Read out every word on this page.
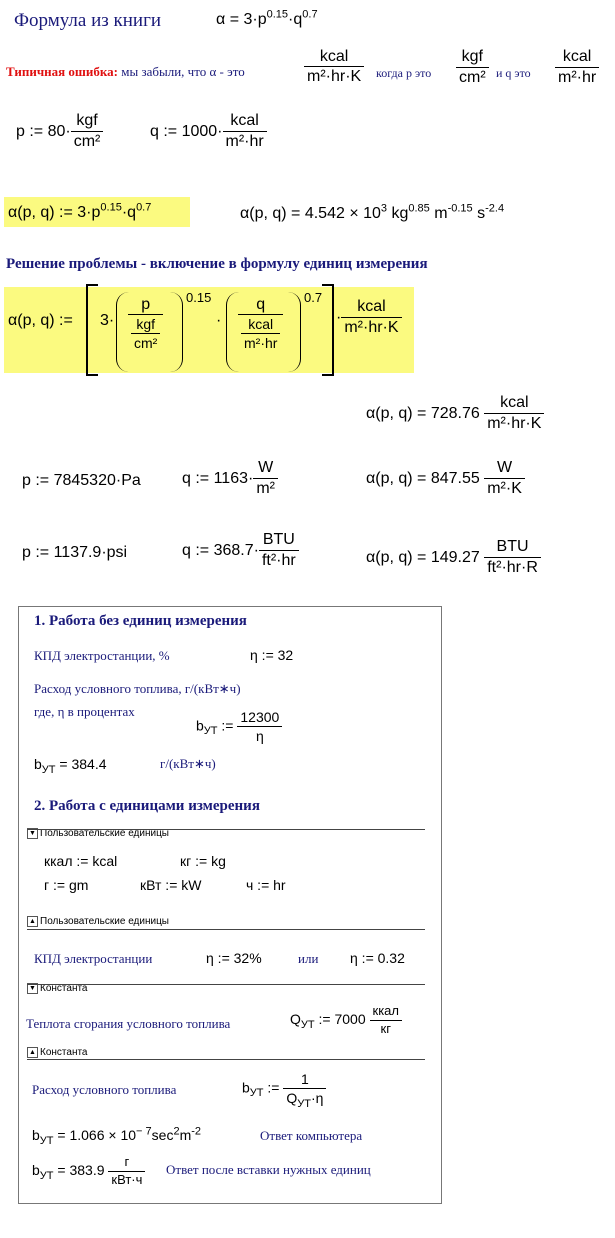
Формула из книги	$\alpha = 3\cdot p^{0.15}\cdot q^{0.7}$
Типичная ошибка: мы забыли, что α - это	$\frac{\text{kcal}}{\text{m²·hr·K}}$ когда p это $\frac{\text{kgf}}{\text{cm²}}$ и q это $\frac{\text{kcal}}{\text{m²·hr}}$
p := $80\cdot \frac{\text{kgf}}{\text{cm²}}$	q := $1000\cdot \frac{\text{kcal}}{\text{m²·hr}}$
α(p, q) := $3\cdot p^{0.15}\cdot q^{0.7}$	α(p, $q) = 4.542 \times 10^3$ $kg^{0.85}$ $m^{-0.15}$ $s^{-2.4}$
Решение проблемы - включение в формулу единиц измерения
α(p, q) := $3\cdot \frac{p}{\frac{\text{kgf}}{\text{cm²}}} 0.15$
· $\frac{q}{\frac{\text{kcal}}{\text{m²·hr}}} 0.7$
· $\frac{\text{kcal}}{\text{m²·hr·K}}$
α(p, $q) = 728.76 \frac{\text{kcal}}{\text{m²·hr·K}}$
p := 7845320·Pa	q := $1163\cdot \frac{W}{\text{m²}}$	α(p, $q) = 847.55 \frac{W}{\text{m²·K}}$
p := 1137.9·psi	q := $368.7\cdot \frac{\text{BTU}}{\text{ft²·hr}}$	α(p, $q) = 149.27 \frac{\text{BTU}}{\text{ft²·hr·R}}$
1. Работа без единиц измерения
КПД электростанции, %	η := 32
Расход условного топлива, г/(кВт∗ч)
где, η в процентах
$b_{УТ}$ := $\frac{12300}{\eta}$
$b_{УТ} = 384.4$	г/(кВт∗ч)
2. Работа с единицами измерения
▼ Пользовательские единицы
ккал := kcal	кг := kg
г := gm	кВт := kW	ч := hr
▲ Пользовательские единицы
КПД электростанции	η := 32%	или η := 0.32
▼ Константа
Теплота сгорания условного топлива	$Q_{УТ}$ := $7000 \frac{\text{ккал}}{кг}$
▲ Константа
Расход условного топлива	$b_{УТ}$ := $\frac{1}{Q_{УТ}\cdot\eta}$
$b_{УТ} = 1.066 \times 10^{- 7}\sec^2m^{-2}$	Ответ компьютера
$b_{УТ} = 383.9 \frac{г}{\text{кВт·ч}}$ Ответ после вставки нужных единиц
